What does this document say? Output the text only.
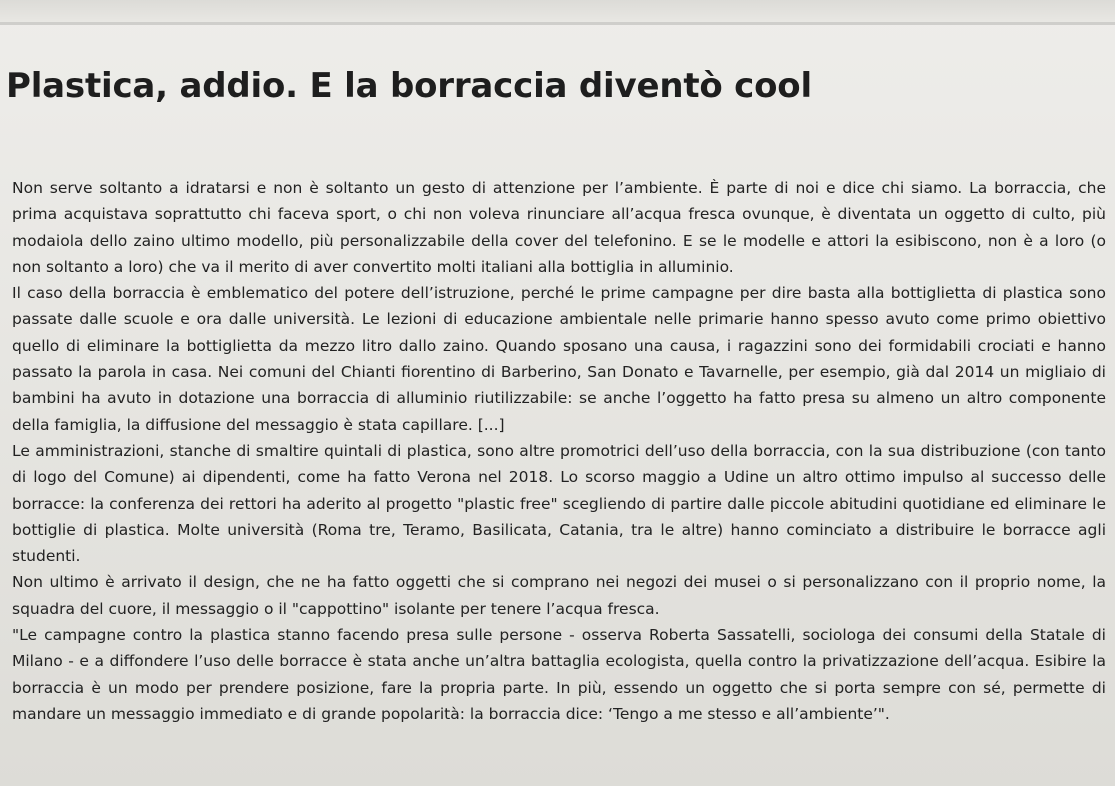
Plastica, addio. E la borraccia diventò cool

Non serve soltanto a idratarsi e non è soltanto un gesto di attenzione per l’ambiente. È parte di noi e dice chi siamo. La borraccia, che prima acquistava soprattutto chi faceva sport, o chi non voleva rinunciare all’acqua fresca ovunque, è diventata un oggetto di culto, più modaiola dello zaino ultimo modello, più personalizzabile della cover del telefonino. E se le modelle e attori la esibiscono, non è a loro (o non soltanto a loro) che va il merito di aver convertito molti italiani alla bottiglia in alluminio.

Il caso della borraccia è emblematico del potere dell’istruzione, perché le prime campagne per dire basta alla bottiglietta di plastica sono passate dalle scuole e ora dalle università. Le lezioni di educazione ambientale nelle primarie hanno spesso avuto come primo obiettivo quello di eliminare la bottiglietta da mezzo litro dallo zaino. Quando sposano una causa, i ragazzini sono dei formidabili crociati e hanno passato la parola in casa. Nei comuni del Chianti fiorentino di Barberino, San Donato e Tavarnelle, per esempio, già dal 2014 un migliaio di bambini ha avuto in dotazione una borraccia di alluminio riutilizzabile: se anche l’oggetto ha fatto presa su almeno un altro componente della famiglia, la diffusione del messaggio è stata capillare. [...]

Le amministrazioni, stanche di smaltire quintali di plastica, sono altre promotrici dell’uso della borraccia, con la sua distribuzione (con tanto di logo del Comune) ai dipendenti, come ha fatto Verona nel 2018. Lo scorso maggio a Udine un altro ottimo impulso al successo delle borracce: la conferenza dei rettori ha aderito al progetto "plastic free" scegliendo di partire dalle piccole abitudini quotidiane ed eliminare le bottiglie di plastica. Molte università (Roma tre, Teramo, Basilicata, Catania, tra le altre) hanno cominciato a distribuire le borracce agli studenti.

Non ultimo è arrivato il design, che ne ha fatto oggetti che si comprano nei negozi dei musei o si personalizzano con il proprio nome, la squadra del cuore, il messaggio o il "cappottino" isolante per tenere l’acqua fresca.

"Le campagne contro la plastica stanno facendo presa sulle persone - osserva Roberta Sassatelli, sociologa dei consumi della Statale di Milano - e a diffondere l’uso delle borracce è stata anche un’altra battaglia ecologista, quella contro la privatizzazione dell’acqua. Esibire la borraccia è un modo per prendere posizione, fare la propria parte. In più, essendo un oggetto che si porta sempre con sé, permette di mandare un messaggio immediato e di grande popolarità: la borraccia dice: ‘Tengo a me stesso e all’ambiente’".
